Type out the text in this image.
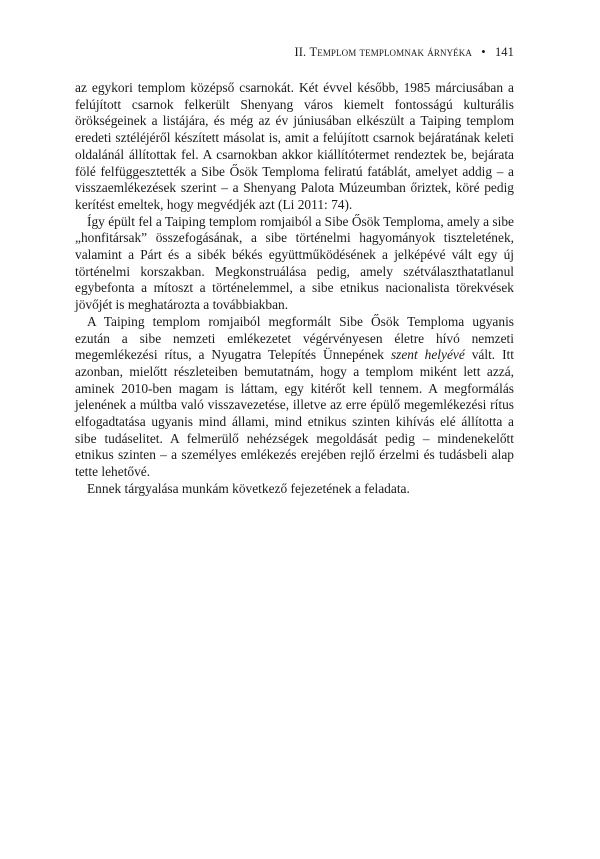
II. Templom templomnak árnyéka • 141

az egykori templom középső csarnokát. Két évvel később, 1985 márciusában a felújított csarnok felkerült Shenyang város kiemelt fontosságú kulturális örökségeinek a listájára, és még az év júniusában elkészült a Taiping templom eredeti sztéléjéről készített másolat is, amit a felújított csarnok bejáratának keleti oldalánál állítottak fel. A csarnokban akkor kiállítótermet rendeztek be, bejárata fölé felfüggesztették a Sibe Ősök Temploma feliratú fatáblát, amelyet addig – a visszaemlékezések szerint – a Shenyang Palota Múzeumban őriztek, köré pedig kerítést emeltek, hogy megvédjék azt (Li 2011: 74).

Így épült fel a Taiping templom romjaiból a Sibe Ősök Temploma, amely a sibe „honfitársak” összefogásának, a sibe történelmi hagyományok tiszteletének, valamint a Párt és a sibék békés együttműködésének a jelképévé vált egy új történelmi korszakban. Megkonstruálása pedig, amely szétválaszthatatlanul egybefonta a mítoszt a történelemmel, a sibe etnikus nacionalista törekvések jövőjét is meghatározta a továbbiakban.

A Taiping templom romjaiból megformált Sibe Ősök Temploma ugyanis ezután a sibe nemzeti emlékezetet végérvényesen életre hívó nemzeti megemlékezési rítus, a Nyugatra Telepítés Ünnepének szent helyévé vált. Itt azonban, mielőtt részleteiben bemutatnám, hogy a templom miként lett azzá, aminek 2010-ben magam is láttam, egy kitérőt kell tennem. A megformálás jelenének a múltba való visszavezetése, illetve az erre épülő megemlékezési rítus elfogadtatása ugyanis mind állami, mind etnikus szinten kihívás elé állította a sibe tudáselitet. A felmerülő nehézségek megoldását pedig – mindenekelőtt etnikus szinten – a személyes emlékezés erejében rejlő érzelmi és tudásbeli alap tette lehetővé.

Ennek tárgyalása munkám következő fejezetének a feladata.
